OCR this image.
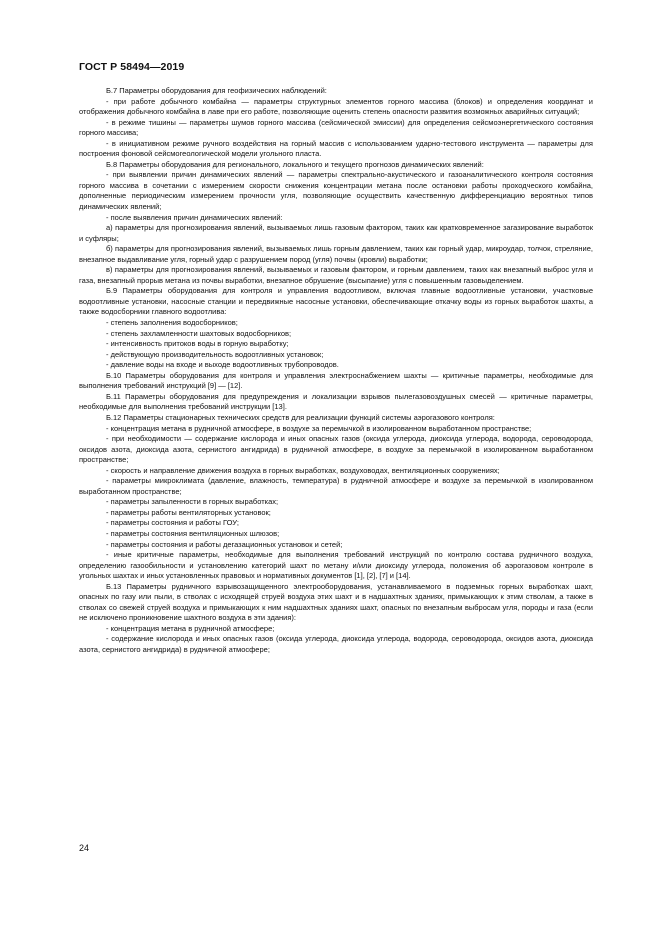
ГОСТ Р 58494—2019

Б.7 Параметры оборудования для геофизических наблюдений:

- при работе добычного комбайна — параметры структурных элементов горного массива (блоков) и определения координат и отображения добычного комбайна в лаве при его работе, позволяющие оценить степень опасности развития возможных аварийных ситуаций;

- в режиме тишины — параметры шумов горного массива (сейсмической эмиссии) для определения сейсмоэнергетического состояния горного массива;

- в инициативном режиме ручного воздействия на горный массив с использованием ударно-тестового инструмента — параметры для построения фоновой сейсмогеологической модели угольного пласта.

Б.8 Параметры оборудования для регионального, локального и текущего прогнозов динамических явлений:

- при выявлении причин динамических явлений — параметры спектрально-акустического и газоаналитического контроля состояния горного массива в сочетании с измерением скорости снижения концентрации метана после остановки работы проходческого комбайна, дополненные периодическим измерением прочности угля, позволяющие осуществить качественную дифференциацию вероятных типов динамических явлений;

- после выявления причин динамических явлений:

а) параметры для прогнозирования явлений, вызываемых лишь газовым фактором, таких как кратковременное загазирование выработок и суфляры;

б) параметры для прогнозирования явлений, вызываемых лишь горным давлением, таких как горный удар, микроудар, толчок, стреляние, внезапное выдавливание угля, горный удар с разрушением пород (угля) почвы (кровли) выработки;

в) параметры для прогнозирования явлений, вызываемых и газовым фактором, и горным давлением, таких как внезапный выброс угля и газа, внезапный прорыв метана из почвы выработки, внезапное обрушение (высыпание) угля с повышенным газовыделением.

Б.9 Параметры оборудования для контроля и управления водоотливом, включая главные водоотливные установки, участковые водоотливные установки, насосные станции и передвижные насосные установки, обеспечивающие откачку воды из горных выработок шахты, а также водосборники главного водоотлива:

- степень заполнения водосборников;

- степень захламленности шахтовых водосборников;

- интенсивность притоков воды в горную выработку;

- действующую производительность водоотливных установок;

- давление воды на входе и выходе водоотливных трубопроводов.

Б.10 Параметры оборудования для контроля и управления электроснабжением шахты — критичные параметры, необходимые для выполнения требований инструкций [9] — [12].

Б.11 Параметры оборудования для предупреждения и локализации взрывов пылегазовоздушных смесей — критичные параметры, необходимые для выполнения требований инструкции [13].

Б.12 Параметры стационарных технических средств для реализации функций системы аэрогазового контроля:

- концентрация метана в рудничной атмосфере, в воздухе за перемычкой в изолированном выработанном пространстве;

- при необходимости — содержание кислорода и иных опасных газов (оксида углерода, диоксида углерода, водорода, сероводорода, оксидов азота, диоксида азота, сернистого ангидрида) в рудничной атмосфере, в воздухе за перемычкой в изолированном выработанном пространстве;

- скорость и направление движения воздуха в горных выработках, воздуховодах, вентиляционных сооружениях;

- параметры микроклимата (давление, влажность, температура) в рудничной атмосфере и воздухе за перемычкой в изолированном выработанном пространстве;

- параметры запыленности в горных выработках;

- параметры работы вентиляторных установок;

- параметры состояния и работы ГОУ;

- параметры состояния вентиляционных шлюзов;

- параметры состояния и работы дегазационных установок и сетей;

- иные критичные параметры, необходимые для выполнения требований инструкций по контролю состава рудничного воздуха, определению газообильности и установлению категорий шахт по метану и/или диоксиду углерода, положения об аэрогазовом контроле в угольных шахтах и иных установленных правовых и нормативных документов [1], [2], [7] и [14].

Б.13 Параметры рудничного взрывозащищенного электрооборудования, устанавливаемого в подземных горных выработках шахт, опасных по газу или пыли, в стволах с исходящей струей воздуха этих шахт и в надшахтных зданиях, примыкающих к этим стволам, а также в стволах со свежей струей воздуха и примыкающих к ним надшахтных зданиях шахт, опасных по внезапным выбросам угля, породы и газа (если не исключено проникновение шахтного воздуха в эти здания):

- концентрация метана в рудничной атмосфере;

- содержание кислорода и иных опасных газов (оксида углерода, диоксида углерода, водорода, сероводорода, оксидов азота, диоксида азота, сернистого ангидрида) в рудничной атмосфере;

24
